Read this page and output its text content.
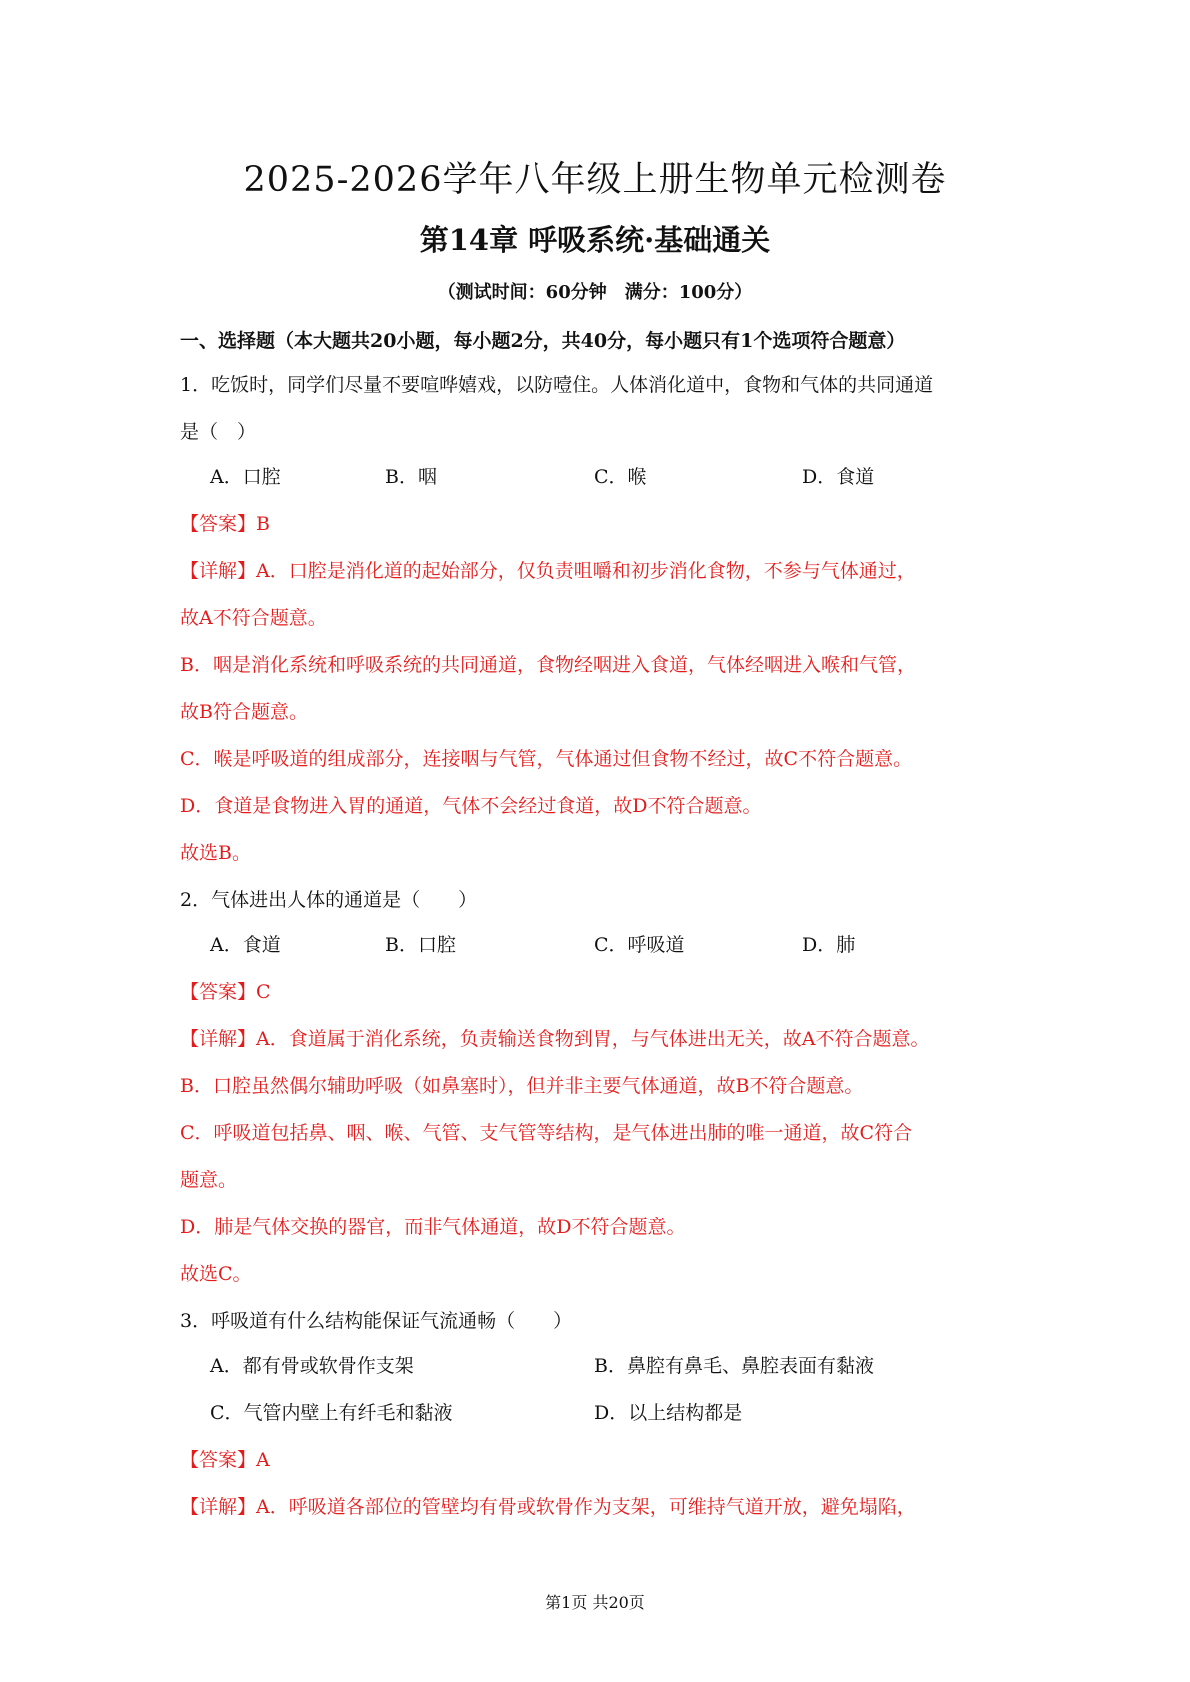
2025-2026学年八年级上册生物单元检测卷
第14章 呼吸系统·基础通关
（测试时间：60分钟　满分：100分）
一、选择题（本大题共20小题，每小题2分，共40分，每小题只有1个选项符合题意）
1．吃饭时，同学们尽量不要喧哗嬉戏，以防噎住。人体消化道中，食物和气体的共同通道
是（　）
A．口腔	B．咽	C．喉	D．食道
【答案】B
【详解】A．口腔是消化道的起始部分，仅负责咀嚼和初步消化食物，不参与气体通过，
故A不符合题意。
B．咽是消化系统和呼吸系统的共同通道，食物经咽进入食道，气体经咽进入喉和气管，
故B符合题意。
C．喉是呼吸道的组成部分，连接咽与气管，气体通过但食物不经过，故C不符合题意。
D．食道是食物进入胃的通道，气体不会经过食道，故D不符合题意。
故选B。
2．气体进出人体的通道是（　　）
A．食道	B．口腔	C．呼吸道	D．肺
【答案】C
【详解】A．食道属于消化系统，负责输送食物到胃，与气体进出无关，故A不符合题意。
B．口腔虽然偶尔辅助呼吸（如鼻塞时），但并非主要气体通道，故B不符合题意。
C．呼吸道包括鼻、咽、喉、气管、支气管等结构，是气体进出肺的唯一通道，故C符合
题意。
D．肺是气体交换的器官，而非气体通道，故D不符合题意。
故选C。
3．呼吸道有什么结构能保证气流通畅（　　）
A．都有骨或软骨作支架	B．鼻腔有鼻毛、鼻腔表面有黏液
C．气管内壁上有纤毛和黏液	D．以上结构都是
【答案】A
【详解】A．呼吸道各部位的管壁均有骨或软骨作为支架，可维持气道开放，避免塌陷，
第1页 共20页
